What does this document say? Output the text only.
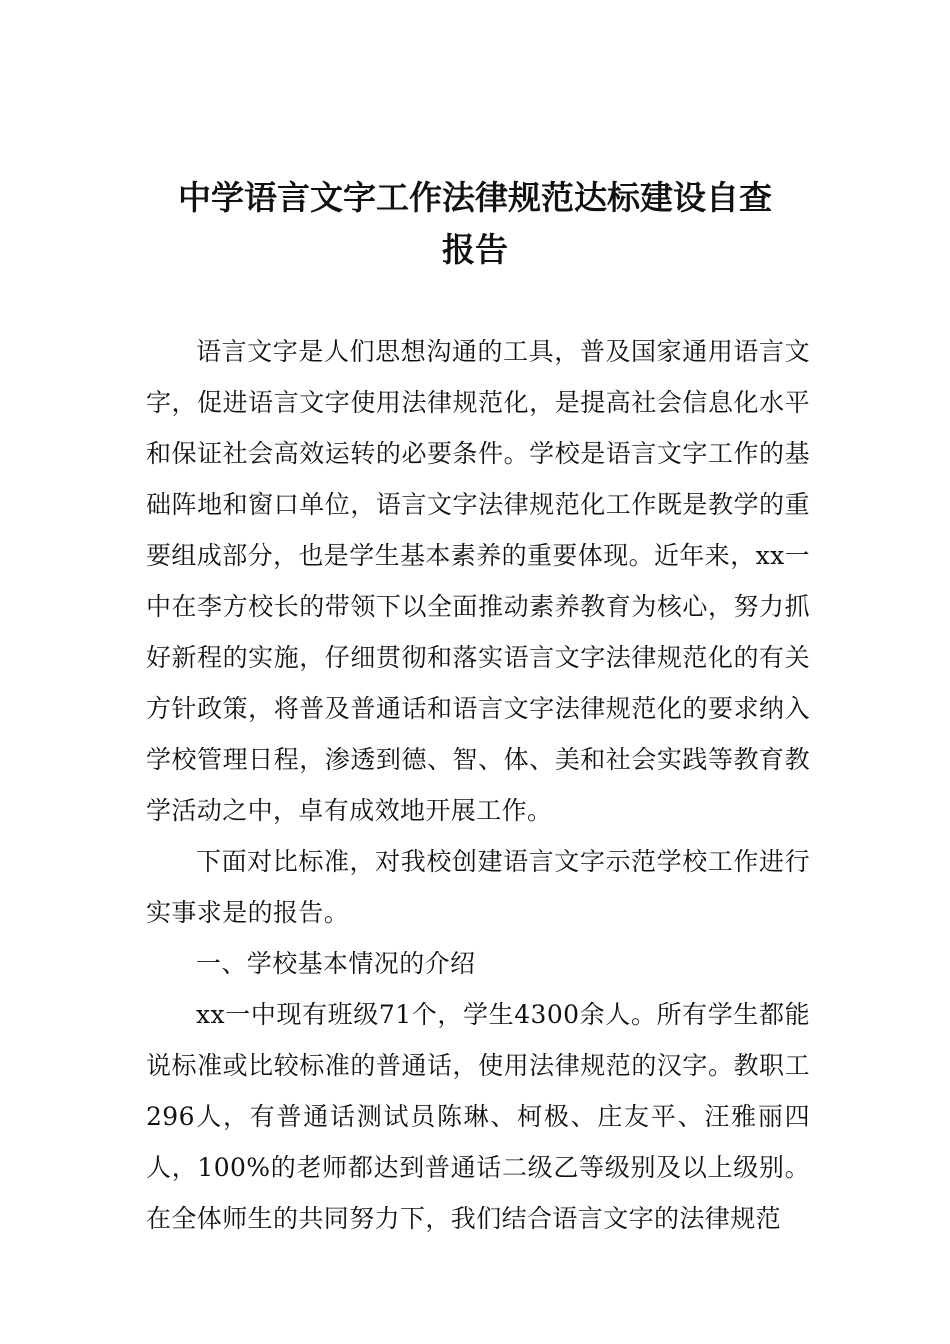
中学语言文字工作法律规范达标建设自查
报告

语言文字是人们思想沟通的工具，普及国家通用语言文字，促进语言文字使用法律规范化，是提高社会信息化水平和保证社会高效运转的必要条件。学校是语言文字工作的基础阵地和窗口单位，语言文字法律规范化工作既是教学的重要组成部分，也是学生基本素养的重要体现。近年来，xx一中在李方校长的带领下以全面推动素养教育为核心，努力抓好新程的实施，仔细贯彻和落实语言文字法律规范化的有关方针政策，将普及普通话和语言文字法律规范化的要求纳入学校管理日程，渗透到德、智、体、美和社会实践等教育教学活动之中，卓有成效地开展工作。

下面对比标准，对我校创建语言文字示范学校工作进行实事求是的报告。

一、学校基本情况的介绍

xx一中现有班级71个，学生4300余人。所有学生都能说标准或比较标准的普通话，使用法律规范的汉字。教职工296人，有普通话测试员陈琳、柯极、庄友平、汪雅丽四人，100%的老师都达到普通话二级乙等级别及以上级别。在全体师生的共同努力下，我们结合语言文字的法律规范
